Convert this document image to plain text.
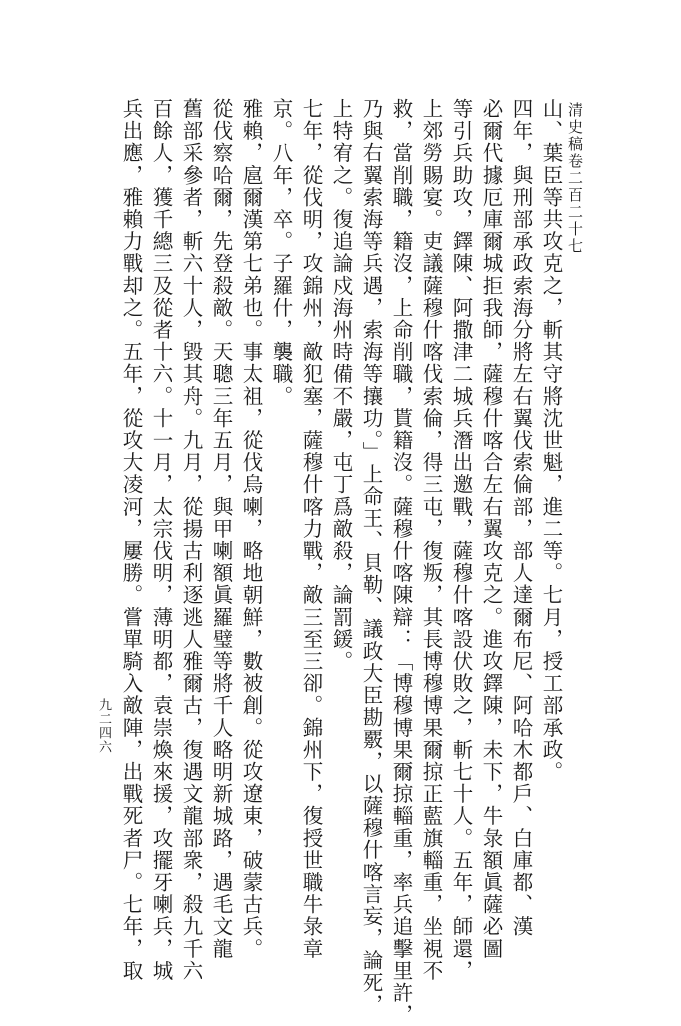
清史稿卷二百二十七
九二四六	山、葉臣等共攻克之，斬其守將沈世魁，進二等。七月，授工部承政。
四年，與刑部承政索海分將左右翼伐索倫部，部人達爾布尼、阿哈木都戶、白庫都、漢
必爾代據厄庫爾城拒我師，薩穆什喀合左右翼攻克之。進攻鐸陳，未下，牛彔額眞薩必圖
等引兵助攻，鐸陳、阿撒津二城兵潛出邀戰，薩穆什喀設伏敗之，斬七十人。五年，師還，
上郊勞賜宴。吏議薩穆什喀伐索倫，得三屯，復叛，其長博穆博果爾掠正藍旗輜重，坐視不
救，當削職，籍沒，上命削職，貰籍沒。薩穆什喀陳辯：「博穆博果爾掠輜重，率兵追擊里許，
乃與右翼索海等兵遇，索海等攘功。」上命王、貝勒、議政大臣勘覈，以薩穆什喀言妄，論死，
上特宥之。復追論戍海州時備不嚴，屯丁爲敵殺，論罰鍰。
七年，從伐明，攻錦州，敵犯塞，薩穆什喀力戰，敵三至三卻。錦州下，復授世職牛彔章
京。八年，卒。子羅什，襲職。
雅賴，扈爾漢第七弟也。事太祖，從伐烏喇，略地朝鮮，數被創。從攻遼東，破蒙古兵。
從伐察哈爾，先登殺敵。天聰三年五月，與甲喇額眞羅璧等將千人略明新城路，遇毛文龍
舊部采參者，斬六十人，毀其舟。九月，從揚古利逐逃人雅爾古，復遇文龍部衆，殺九千六
百餘人，獲千總三及從者十六。十一月，太宗伐明，薄明都，袁崇煥來援，攻擺牙喇兵，城
兵出應，雅賴力戰却之。五年，從攻大凌河，屢勝。嘗單騎入敵陣，出戰死者尸。七年，取
